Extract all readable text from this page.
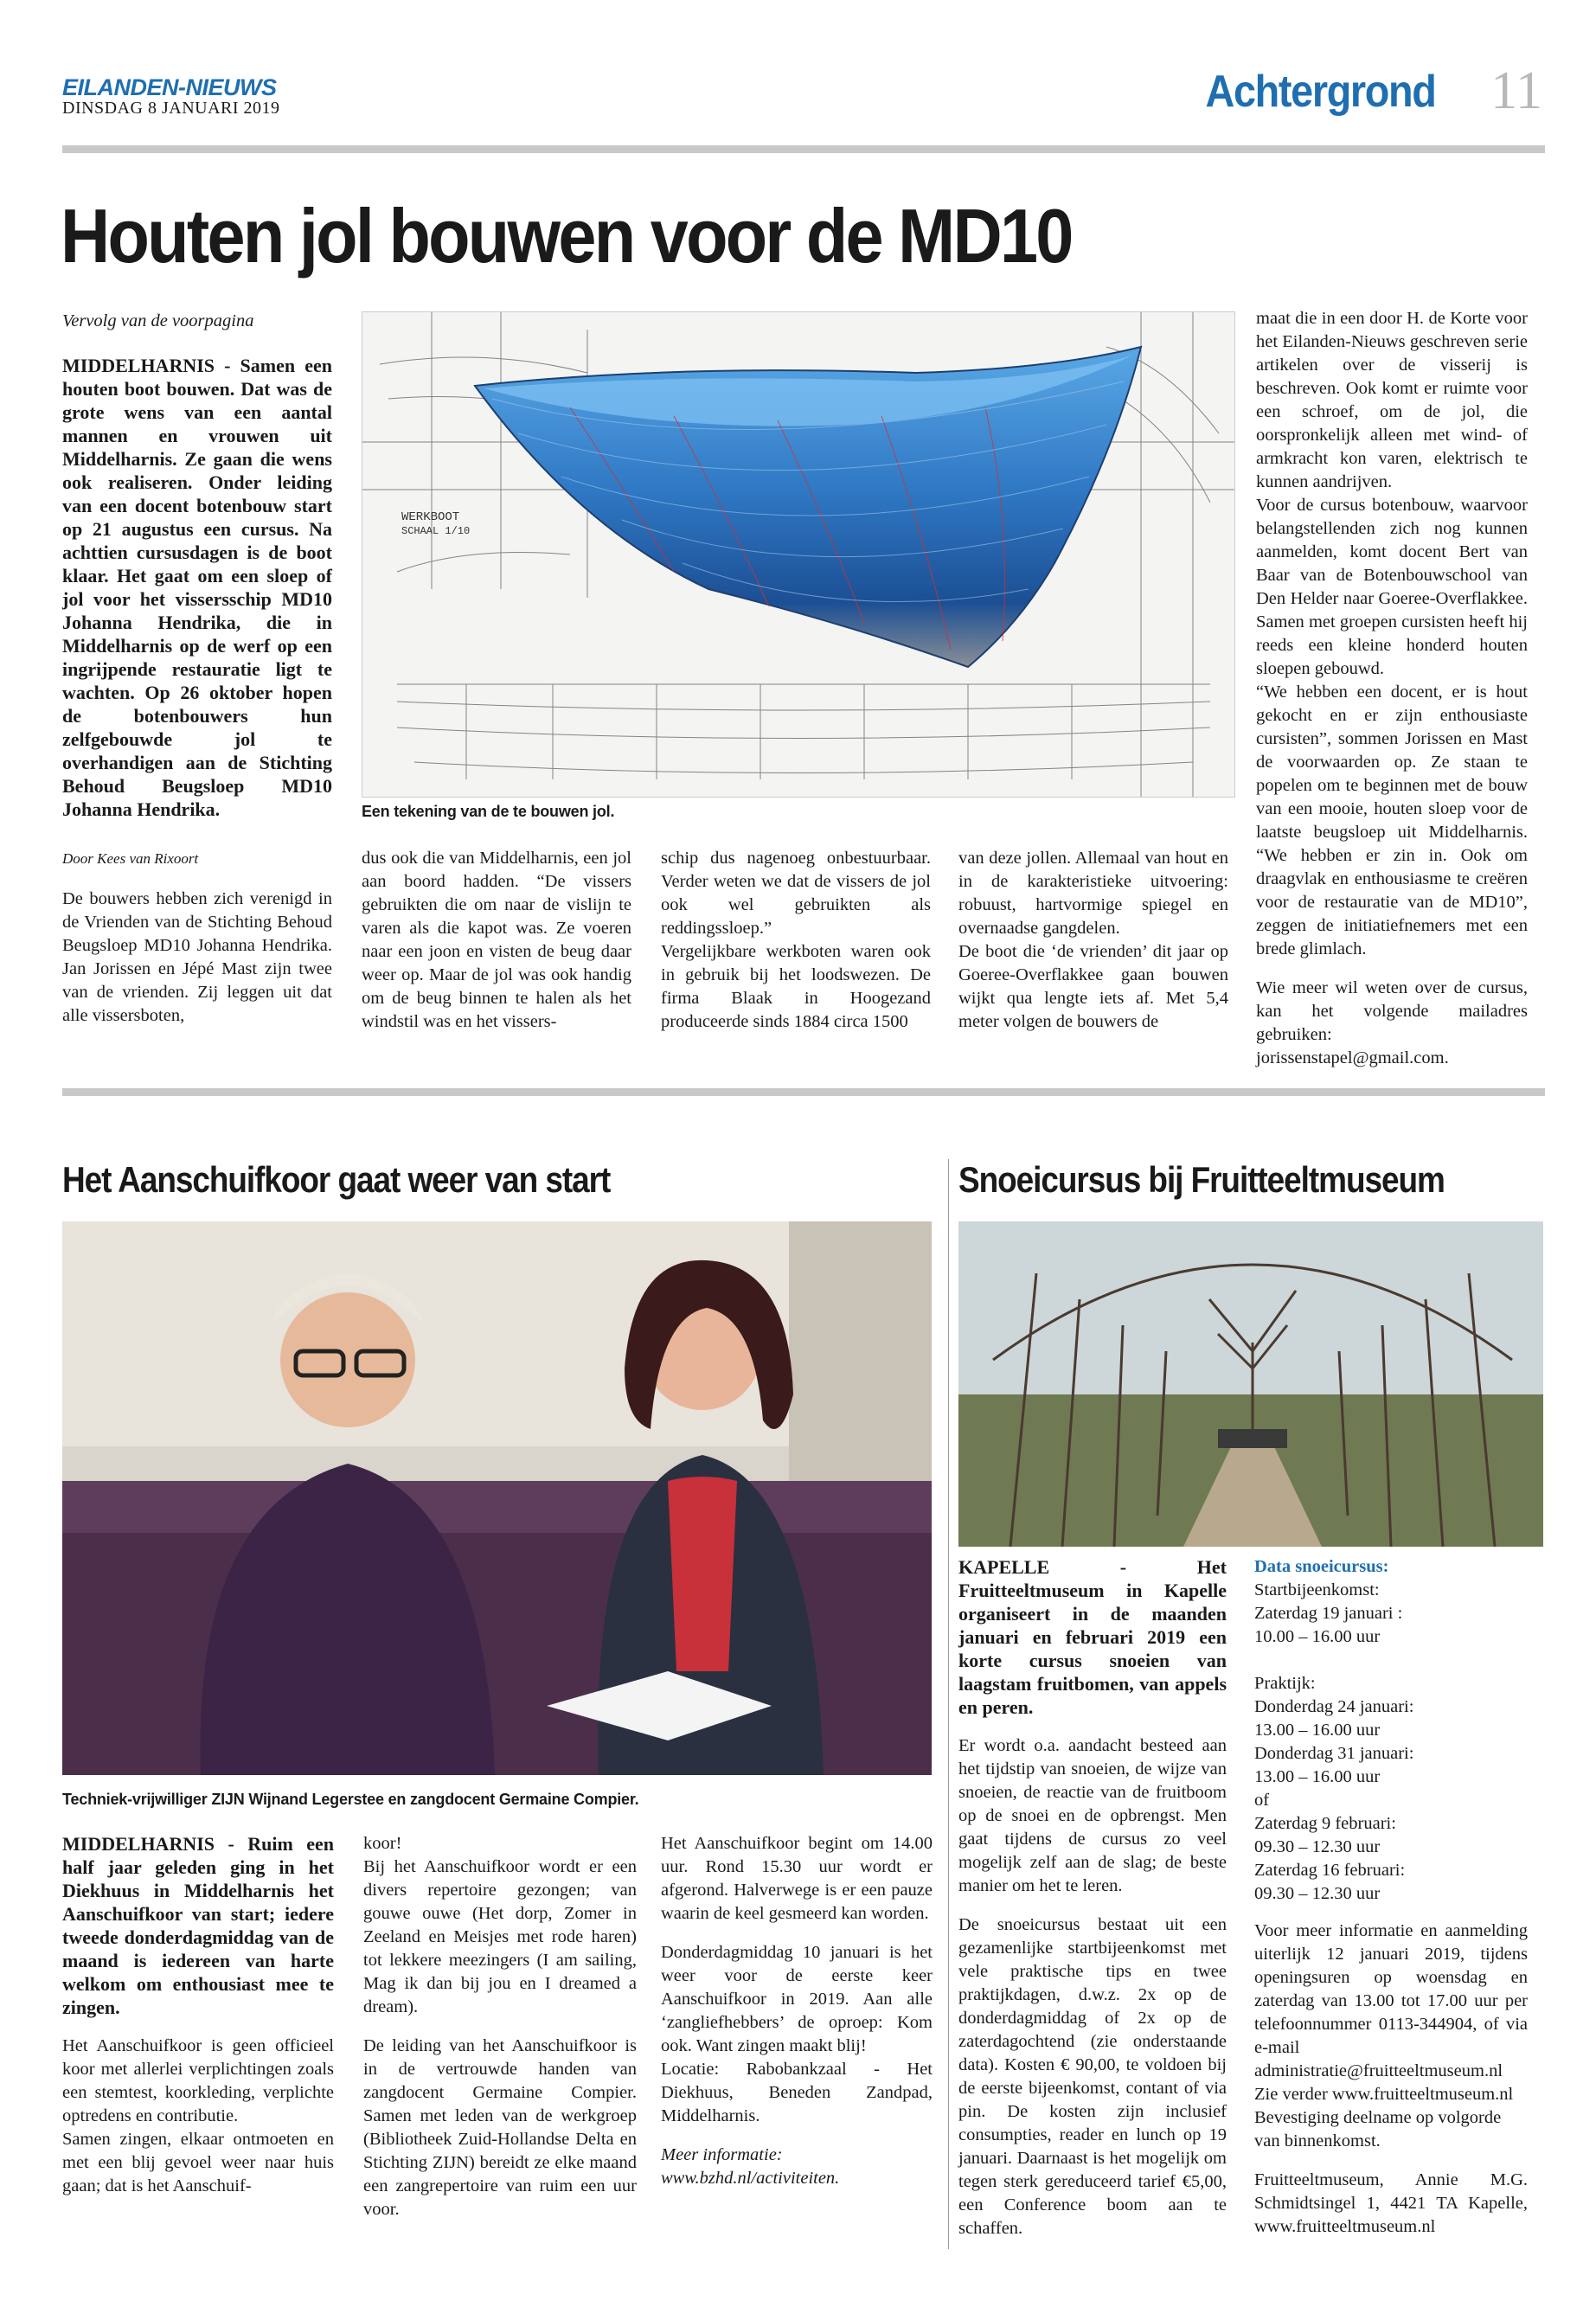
EILANDEN-NIEUWS
DINSDAG 8 JANUARI 2019	Achtergrond 11
Houten jol bouwen voor de MD10

Vervolg van de voorpagina

MIDDELHARNIS - Samen een houten boot bouwen. Dat was de grote wens van een aantal mannen en vrouwen uit Middelharnis. Ze gaan die wens ook realiseren. Onder leiding van een docent botenbouw start op 21 augustus een cursus. Na achttien cursusdagen is de boot klaar. Het gaat om een sloep of jol voor het vissersschip MD10 Johanna Hendrika, die in Middelharnis op de werf op een ingrijpende restauratie ligt te wachten. Op 26 oktober hopen de botenbouwers hun zelfgebouwde jol te overhandigen aan de Stichting Behoud Beugsloep MD10 Johanna Hendrika.

Door Kees van Rixoort

De bouwers hebben zich verenigd in de Vrienden van de Stichting Behoud Beugsloep MD10 Johanna Hendrika. Jan Jorissen en Jépé Mast zijn twee van de vrienden. Zij leggen uit dat alle vissersboten,

WERKBOOT
SCHAAL 1/10
Een tekening van de te bouwen jol.

dus ook die van Middelharnis, een jol aan boord hadden. “De vissers gebruikten die om naar de vislijn te varen als die kapot was. Ze voeren naar een joon en visten de beug daar weer op. Maar de jol was ook handig om de beug binnen te halen als het windstil was en het vissers-

schip dus nagenoeg onbestuurbaar. Verder weten we dat de vissers de jol ook wel gebruikten als reddingssloep.”

Vergelijkbare werkboten waren ook in gebruik bij het loodswezen. De firma Blaak in Hoogezand produceerde sinds 1884 circa 1500

van deze jollen. Allemaal van hout en in de karakteristieke uitvoering: robuust, hartvormige spiegel en overnaadse gangdelen.

De boot die ‘de vrienden’ dit jaar op Goeree-Overflakkee gaan bouwen wijkt qua lengte iets af. Met 5,4 meter volgen de bouwers de

maat die in een door H. de Korte voor het Eilanden-Nieuws geschreven serie artikelen over de visserij is beschreven. Ook komt er ruimte voor een schroef, om de jol, die oorspronkelijk alleen met wind- of armkracht kon varen, elektrisch te kunnen aandrijven.

Voor de cursus botenbouw, waarvoor belangstellenden zich nog kunnen aanmelden, komt docent Bert van Baar van de Botenbouwschool van Den Helder naar Goeree-Overflakkee. Samen met groepen cursisten heeft hij reeds een kleine honderd houten sloepen gebouwd.

“We hebben een docent, er is hout gekocht en er zijn enthousiaste cursisten”, sommen Jorissen en Mast de voorwaarden op. Ze staan te popelen om te beginnen met de bouw van een mooie, houten sloep voor de laatste beugsloep uit Middelharnis. “We hebben er zin in. Ook om draagvlak en enthousiasme te creëren voor de restauratie van de MD10”, zeggen de initiatiefnemers met een brede glimlach.

Wie meer wil weten over de cursus, kan het volgende mailadres gebruiken: jorissenstapel@gmail.com.

Het Aanschuifkoor gaat weer van start
Techniek-vrijwilliger ZIJN Wijnand Legerstee en zangdocent Germaine Compier.

MIDDELHARNIS - Ruim een half jaar geleden ging in het Diekhuus in Middelharnis het Aanschuifkoor van start; iedere tweede donderdagmiddag van de maand is iedereen van harte welkom om enthousiast mee te zingen.

Het Aanschuifkoor is geen officieel koor met allerlei verplichtingen zoals een stemtest, koorkleding, verplichte optredens en contributie.

Samen zingen, elkaar ontmoeten en met een blij gevoel weer naar huis gaan; dat is het Aanschuif-

koor!

Bij het Aanschuifkoor wordt er een divers repertoire gezongen; van gouwe ouwe (Het dorp, Zomer in Zeeland en Meisjes met rode haren) tot lekkere meezingers (I am sailing, Mag ik dan bij jou en I dreamed a dream).

De leiding van het Aanschuifkoor is in de vertrouwde handen van zangdocent Germaine Compier. Samen met leden van de werkgroep (Bibliotheek Zuid-Hollandse Delta en Stichting ZIJN) bereidt ze elke maand een zangrepertoire van ruim een uur voor.

Het Aanschuifkoor begint om 14.00 uur. Rond 15.30 uur wordt er afgerond. Halverwege is er een pauze waarin de keel gesmeerd kan worden.

Donderdagmiddag 10 januari is het weer voor de eerste keer Aanschuifkoor in 2019. Aan alle ‘zangliefhebbers’ de oproep: Kom ook. Want zingen maakt blij!

Locatie: Rabobankzaal - Het Diekhuus, Beneden Zandpad, Middelharnis.

Meer informatie:

www.bzhd.nl/activiteiten.

Snoeicursus bij Fruitteeltmuseum

KAPELLE - Het Fruitteeltmuseum in Kapelle organiseert in de maanden januari en februari 2019 een korte cursus snoeien van laagstam fruitbomen, van appels en peren.

Er wordt o.a. aandacht besteed aan het tijdstip van snoeien, de wijze van snoeien, de reactie van de fruitboom op de snoei en de opbrengst. Men gaat tijdens de cursus zo veel mogelijk zelf aan de slag; de beste manier om het te leren.

De snoeicursus bestaat uit een gezamenlijke startbijeenkomst met vele praktische tips en twee praktijkdagen, d.w.z. 2x op de donderdagmiddag of 2x op de zaterdagochtend (zie onderstaande data). Kosten € 90,00, te voldoen bij de eerste bijeenkomst, contant of via pin. De kosten zijn inclusief consumpties, reader en lunch op 19 januari. Daarnaast is het mogelijk om tegen sterk gereduceerd tarief €5,00, een Conference boom aan te schaffen.

Data snoeicursus:

Startbijeenkomst:
Zaterdag 19 januari :
10.00 – 16.00 uur
Praktijk:
Donderdag 24 januari:
13.00 – 16.00 uur
Donderdag 31 januari:
13.00 – 16.00 uur
of
Zaterdag 9 februari:
09.30 – 12.30 uur
Zaterdag 16 februari:
09.30 – 12.30 uur

Voor meer informatie en aanmelding uiterlijk 12 januari 2019, tijdens openingsuren op woensdag en zaterdag van 13.00 tot 17.00 uur per telefoonnummer 0113-344904, of via e-mail administratie@fruitteeltmuseum.nl

Zie verder www.fruitteeltmuseum.nl

Bevestiging deelname op volgorde van binnenkomst.

Fruitteeltmuseum, Annie M.G. Schmidtsingel 1, 4421 TA Kapelle, www.fruitteeltmuseum.nl
